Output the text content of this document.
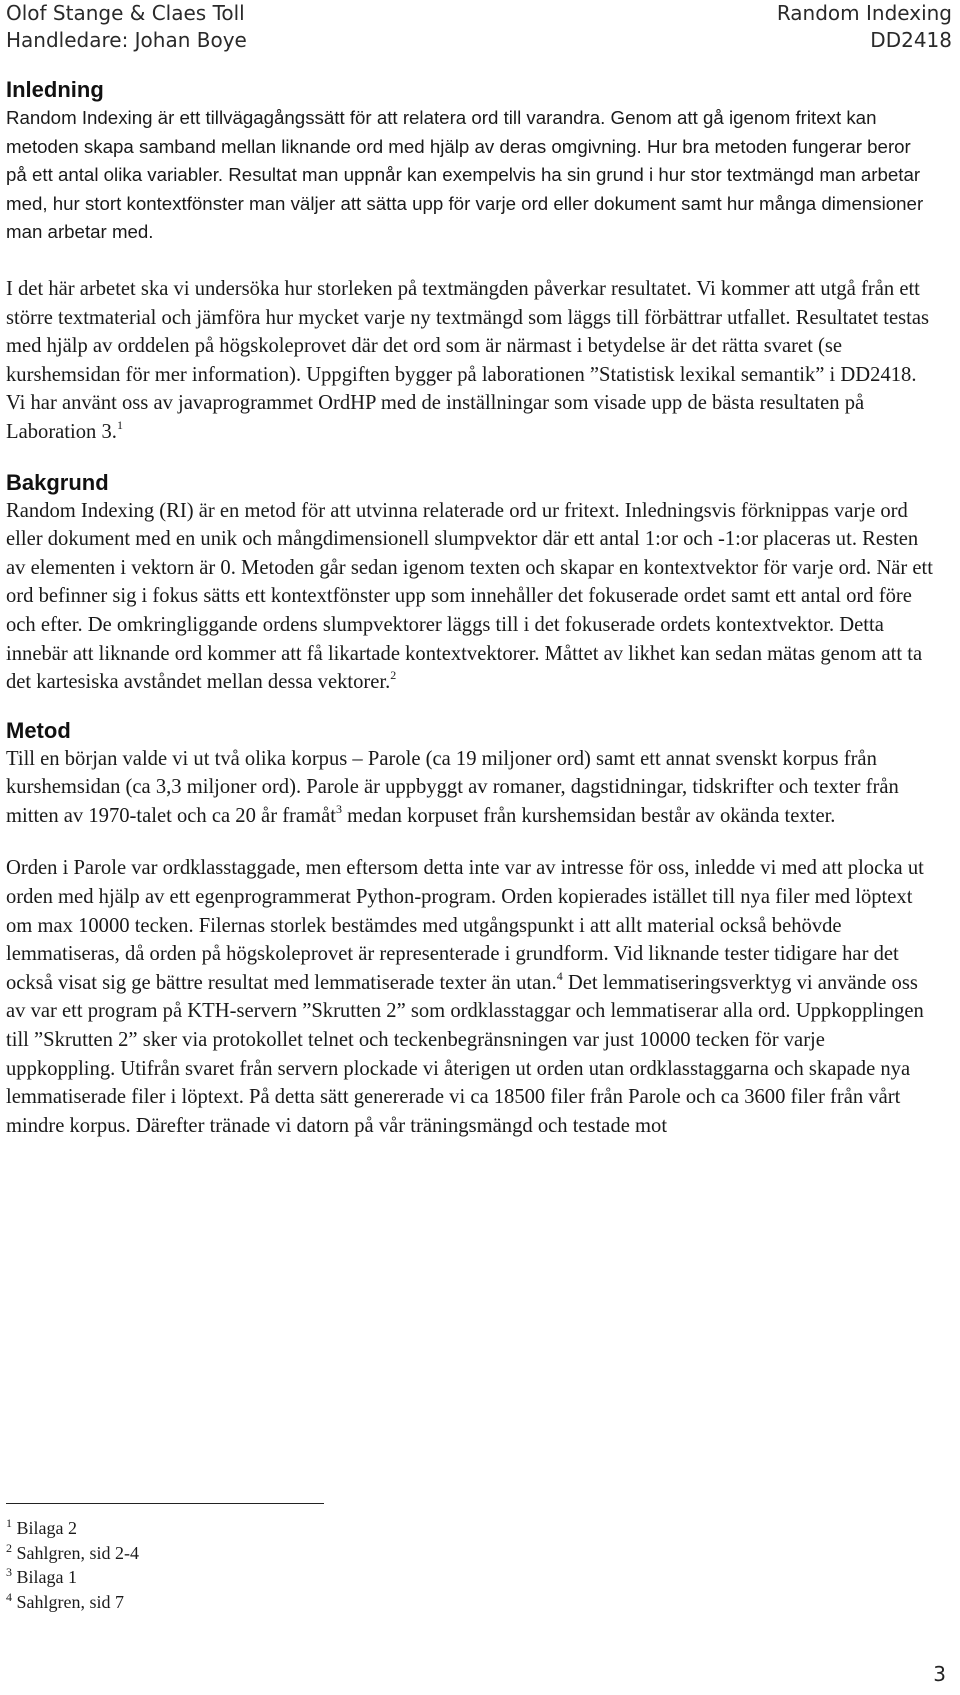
Olof Stange & Claes Toll
Handledare: Johan Boye
Random Indexing
DD2418
Inledning

Random Indexing är ett tillvägagångssätt för att relatera ord till varandra. Genom att gå igenom fritext kan metoden skapa samband mellan liknande ord med hjälp av deras omgivning. Hur bra metoden fungerar beror på ett antal olika variabler. Resultat man uppnår kan exempelvis ha sin grund i hur stor textmängd man arbetar med, hur stort kontextfönster man väljer att sätta upp för varje ord eller dokument samt hur många dimensioner man arbetar med.

I det här arbetet ska vi undersöka hur storleken på textmängden påverkar resultatet. Vi kommer att utgå från ett större textmaterial och jämföra hur mycket varje ny textmängd som läggs till förbättrar utfallet. Resultatet testas med hjälp av orddelen på högskoleprovet där det ord som är närmast i betydelse är det rätta svaret (se kurshemsidan för mer information). Uppgiften bygger på laborationen ”Statistisk lexikal semantik” i DD2418. Vi har använt oss av javaprogrammet OrdHP med de inställningar som visade upp de bästa resultaten på Laboration 3.$^1$

Bakgrund

Random Indexing (RI) är en metod för att utvinna relaterade ord ur fritext. Inledningsvis förknippas varje ord eller dokument med en unik och mångdimensionell slumpvektor där ett antal 1:or och -1:or placeras ut. Resten av elementen i vektorn är 0. Metoden går sedan igenom texten och skapar en kontextvektor för varje ord. När ett ord befinner sig i fokus sätts ett kontextfönster upp som innehåller det fokuserade ordet samt ett antal ord före och efter. De omkringliggande ordens slumpvektorer läggs till i det fokuserade ordets kontextvektor. Detta innebär att liknande ord kommer att få likartade kontextvektorer. Måttet av likhet kan sedan mätas genom att ta det kartesiska avståndet mellan dessa vektorer.$^2$

Metod

Till en början valde vi ut två olika korpus – Parole (ca 19 miljoner ord) samt ett annat svenskt korpus från kurshemsidan (ca 3,3 miljoner ord). Parole är uppbyggt av romaner, dagstidningar, tidskrifter och texter från mitten av 1970-talet och ca 20 år framåt$^3$ medan korpuset från kurshemsidan består av okända texter.

Orden i Parole var ordklasstaggade, men eftersom detta inte var av intresse för oss, inledde vi med att plocka ut orden med hjälp av ett egenprogrammerat Python-program. Orden kopierades istället till nya filer med löptext om max 10000 tecken. Filernas storlek bestämdes med utgångspunkt i att allt material också behövde lemmatiseras, då orden på högskoleprovet är representerade i grundform. Vid liknande tester tidigare har det också visat sig ge bättre resultat med lemmatiserade texter än utan.$^4$ Det lemmatiseringsverktyg vi använde oss av var ett program på KTH-servern ”Skrutten 2” som ordklasstaggar och lemmatiserar alla ord. Uppkopplingen till ”Skrutten 2” sker via protokollet telnet och teckenbegränsningen var just 10000 tecken för varje uppkoppling. Utifrån svaret från servern plockade vi återigen ut orden utan ordklasstaggarna och skapade nya lemmatiserade filer i löptext. På detta sätt genererade vi ca 18500 filer från Parole och ca 3600 filer från vårt mindre korpus. Därefter tränade vi datorn på vår träningsmängd och testade mot

$^1$ Bilaga 2
$^2$ Sahlgren, sid 2-4
$^3$ Bilaga 1
$^4$ Sahlgren, sid 7
3
